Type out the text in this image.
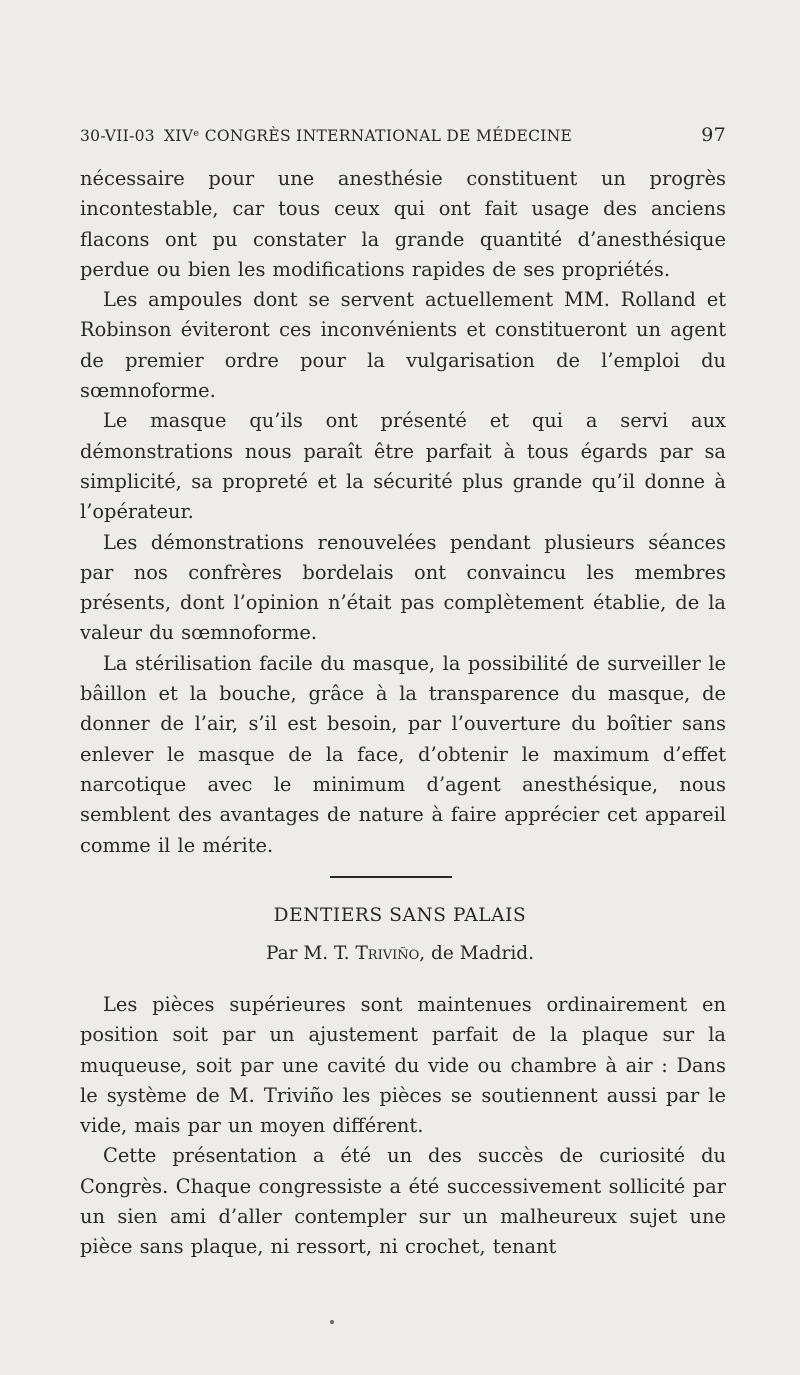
30-VII-03 XIVᵉ CONGRÈS INTERNATIONAL DE MÉDECINE	97

nécessaire pour une anesthésie constituent un progrès incontestable, car tous ceux qui ont fait usage des anciens flacons ont pu constater la grande quantité d’anesthésique perdue ou bien les modifications rapides de ses propriétés.

Les ampoules dont se servent actuellement MM. Rolland et Robinson éviteront ces inconvénients et constitueront un agent de premier ordre pour la vulgarisation de l’emploi du sœmnoforme.

Le masque qu’ils ont présenté et qui a servi aux démonstrations nous paraît être parfait à tous égards par sa simplicité, sa propreté et la sécurité plus grande qu’il donne à l’opérateur.

Les démonstrations renouvelées pendant plusieurs séances par nos confrères bordelais ont convaincu les membres présents, dont l’opinion n’était pas complètement établie, de la valeur du sœmnoforme.

La stérilisation facile du masque, la possibilité de surveiller le bâillon et la bouche, grâce à la transparence du masque, de donner de l’air, s’il est besoin, par l’ouverture du boîtier sans enlever le masque de la face, d’obtenir le maximum d’effet narcotique avec le minimum d’agent anesthésique, nous semblent des avantages de nature à faire apprécier cet appareil comme il le mérite.

DENTIERS SANS PALAIS
Par M. T. Triviño, de Madrid.

Les pièces supérieures sont maintenues ordinairement en position soit par un ajustement parfait de la plaque sur la muqueuse, soit par une cavité du vide ou chambre à air : Dans le système de M. Triviño les pièces se soutiennent aussi par le vide, mais par un moyen différent.

Cette présentation a été un des succès de curiosité du Congrès. Chaque congressiste a été successivement sollicité par un sien ami d’aller contempler sur un malheureux sujet une pièce sans plaque, ni ressort, ni crochet, tenant
